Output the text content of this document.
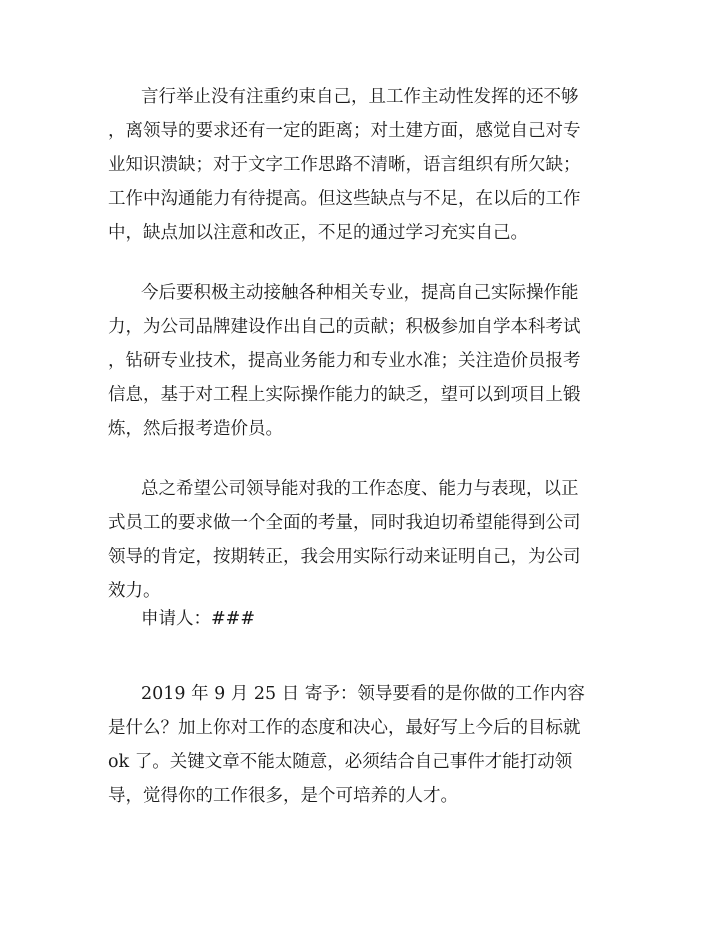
言行举止没有注重约束自己，且工作主动性发挥的还不够
，离领导的要求还有一定的距离；对土建方面，感觉自己对专
业知识溃缺；对于文字工作思路不清晰，语言组织有所欠缺；
工作中沟通能力有待提高。但这些缺点与不足，在以后的工作
中，缺点加以注意和改正，不足的通过学习充实自己。
今后要积极主动接触各种相关专业，提高自己实际操作能
力，为公司品牌建设作出自己的贡献；积极参加自学本科考试
，钻研专业技术，提高业务能力和专业水准；关注造价员报考
信息，基于对工程上实际操作能力的缺乏，望可以到项目上锻
炼，然后报考造价员。
总之希望公司领导能对我的工作态度、能力与表现，以正
式员工的要求做一个全面的考量，同时我迫切希望能得到公司
领导的肯定，按期转正，我会用实际行动来证明自己，为公司
效力。
申请人：###
2019 年 9 月 25 日 寄予：领导要看的是你做的工作内容
是什么？加上你对工作的态度和决心，最好写上今后的目标就
ok 了。关键文章不能太随意，必须结合自己事件才能打动领
导，觉得你的工作很多，是个可培养的人才。
